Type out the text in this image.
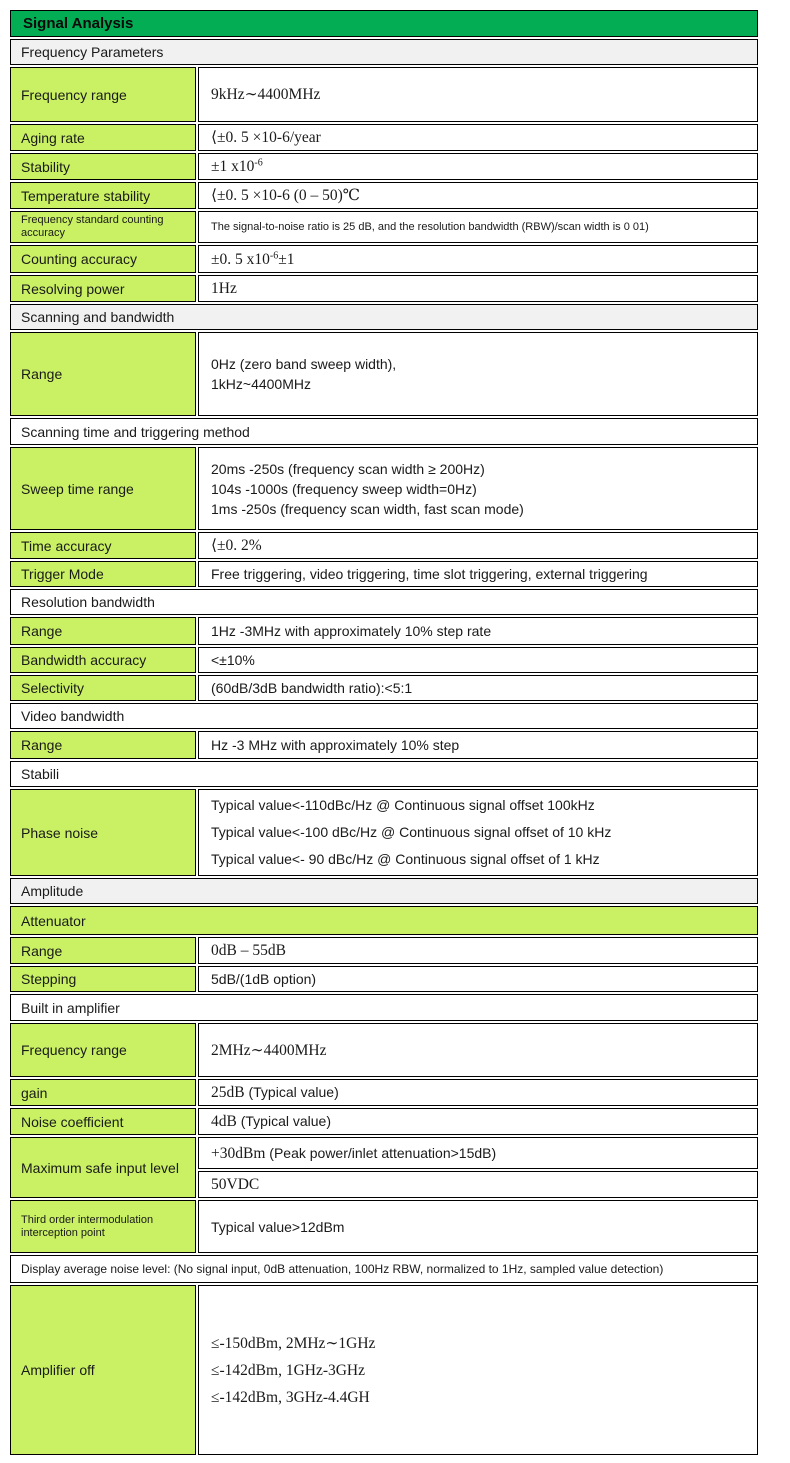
Signal Analysis	
Frequency Parameters	
Frequency range	9kHz∼4400MHz

Aging rate	⟨±0. 5 ×10-6/year

Stability	±1 $x10^{-6}$

Temperature stability	⟨±0. 5 ×10-6 (0 – 50)℃

Frequency standard counting accuracy	The signal-to-noise ratio is 25 dB, and the resolution bandwidth (RBW)/scan width is 0 01)

Counting accuracy	±0. 5 $x10^{-6}\pm 1$

Resolving power	1Hz

Scanning and bandwidth	
Range	0Hz (zero band sweep width),
1kHz~4400MHz

Scanning time and triggering method	
Sweep time range	20ms -250s (frequency scan width ≥ 200Hz)
104s -1000s (frequency sweep width=0Hz)
1ms -250s (frequency scan width, fast scan mode)

Time accuracy	⟨±0. 2%

Trigger Mode	Free triggering, video triggering, time slot triggering, external triggering

Resolution bandwidth	
Range	1Hz -3MHz with approximately 10% step rate

Bandwidth accuracy	<±10%

Selectivity	(60dB/3dB bandwidth ratio):<5:1

Video bandwidth	
Range	Hz -3 MHz with approximately 10% step

Stabili	
Phase noise	Typical value<-110dBc/Hz @ Continuous signal offset 100kHz
Typical value<-100 dBc/Hz @ Continuous signal offset of 10 kHz
Typical value<- 90 dBc/Hz @ Continuous signal offset of 1 kHz

Amplitude	
Attenuator	
Range	0dB – 55dB

Stepping	5dB/(1dB option)

Built in amplifier	
Frequency range	2MHz∼4400MHz

gain	25dB (Typical value)

Noise coefficient	4dB (Typical value)

Maximum safe input level	+30dBm (Peak power/inlet attenuation>15dB)

	50VDC

Third order intermodulation interception point	Typical value>12dBm

Display average noise level: (No signal input, 0dB attenuation, 100Hz RBW, normalized to 1Hz, sampled value detection)	
Amplifier off	≤-150dBm, 2MHz∼1GHz
≤-142dBm, 1GHz-3GHz
≤-142dBm, 3GHz-4.4GH
